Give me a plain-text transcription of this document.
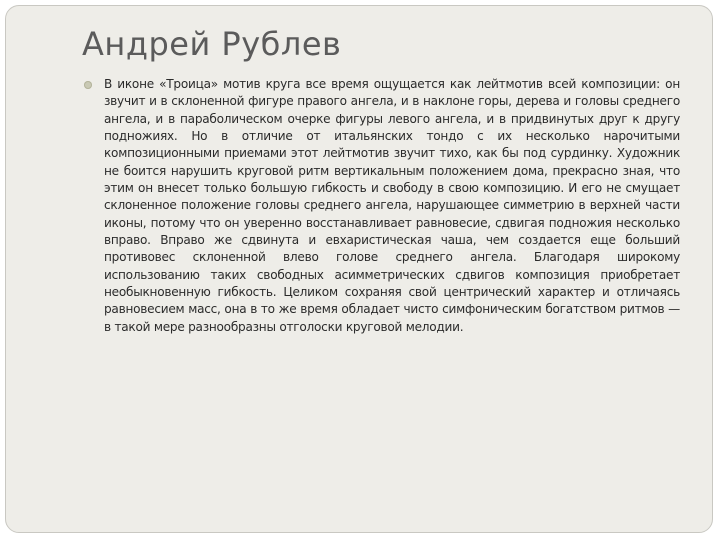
Андрей Рублев

В иконе «Троица» мотив круга все время ощущается как лейтмотив всей композиции: он звучит и в склоненной фигуре правого ангела, и в наклоне горы, дерева и головы среднего ангела, и в параболическом очерке фигуры левого ангела, и в придвинутых друг к другу подножиях. Но в отличие от итальянских тондо с их несколько нарочитыми композиционными приемами этот лейтмотив звучит тихо, как бы под сурдинку. Художник не боится нарушить круговой ритм вертикальным положением дома, прекрасно зная, что этим он внесет только большую гибкость и свободу в свою композицию. И его не смущает склоненное положение головы среднего ангела, нарушающее симметрию в верхней части иконы, потому что он уверенно восстанавливает равновесие, сдвигая подножия несколько вправо. Вправо же сдвинута и евхаристическая чаша, чем создается еще больший противовес склоненной влево голове среднего ангела. Благодаря широкому использованию таких свободных асимметрических сдвигов композиция приобретает необыкновенную гибкость. Целиком сохраняя свой центрический характер и отличаясь равновесием масс, она в то же время обладает чисто симфоническим богатством ритмов — в такой мере разнообразны отголоски круговой мелодии.
